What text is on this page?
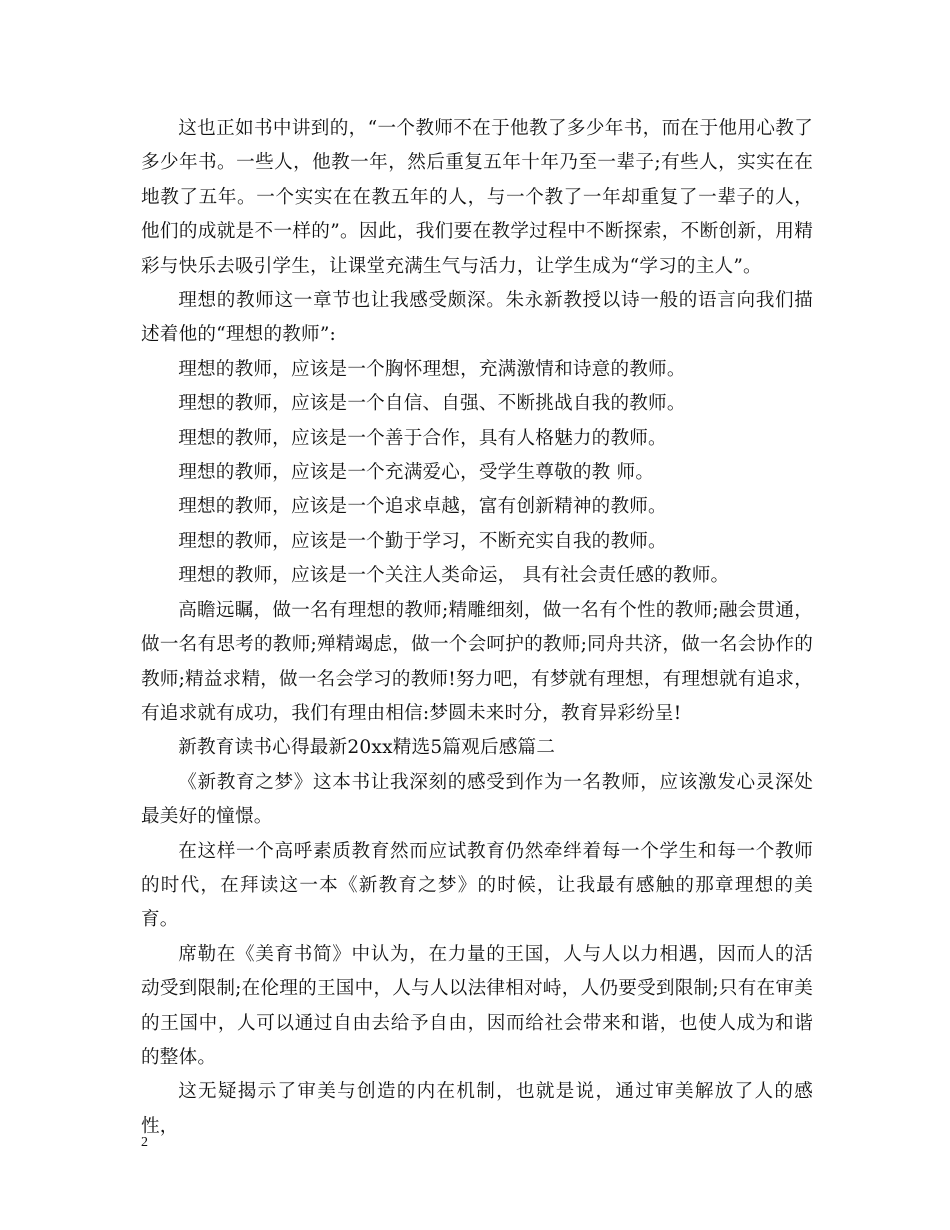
这也正如书中讲到的，“一个教师不在于他教了多少年书，而在于他用心教了多少年书。一些人，他教一年，然后重复五年十年乃至一辈子;有些人，实实在在地教了五年。一个实实在在教五年的人，与一个教了一年却重复了一辈子的人，他们的成就是不一样的”。因此，我们要在教学过程中不断探索，不断创新，用精彩与快乐去吸引学生，让课堂充满生气与活力，让学生成为“学习的主人”。

理想的教师这一章节也让我感受颇深。朱永新教授以诗一般的语言向我们描述着他的“理想的教师”:

理想的教师，应该是一个胸怀理想，充满激情和诗意的教师。

理想的教师，应该是一个自信、自强、不断挑战自我的教师。

理想的教师，应该是一个善于合作，具有人格魅力的教师。

理想的教师，应该是一个充满爱心，受学生尊敬的教 师。

理想的教师，应该是一个追求卓越，富有创新精神的教师。

理想的教师，应该是一个勤于学习，不断充实自我的教师。

理想的教师，应该是一个关注人类命运， 具有社会责任感的教师。

高瞻远瞩，做一名有理想的教师;精雕细刻，做一名有个性的教师;融会贯通，做一名有思考的教师;殚精竭虑，做一个会呵护的教师;同舟共济，做一名会协作的教师;精益求精，做一名会学习的教师!努力吧，有梦就有理想，有理想就有追求，有追求就有成功，我们有理由相信:梦圆未来时分，教育异彩纷呈!

新教育读书心得最新20xx精选5篇观后感篇二

《新教育之梦》这本书让我深刻的感受到作为一名教师，应该激发心灵深处最美好的憧憬。

在这样一个高呼素质教育然而应试教育仍然牵绊着每一个学生和每一个教师的时代，在拜读这一本《新教育之梦》的时候，让我最有感触的那章理想的美育。

席勒在《美育书简》中认为，在力量的王国，人与人以力相遇，因而人的活动受到限制;在伦理的王国中，人与人以法律相对峙，人仍要受到限制;只有在审美的王国中，人可以通过自由去给予自由，因而给社会带来和谐，也使人成为和谐的整体。

这无疑揭示了审美与创造的内在机制，也就是说，通过审美解放了人的感性，

2
